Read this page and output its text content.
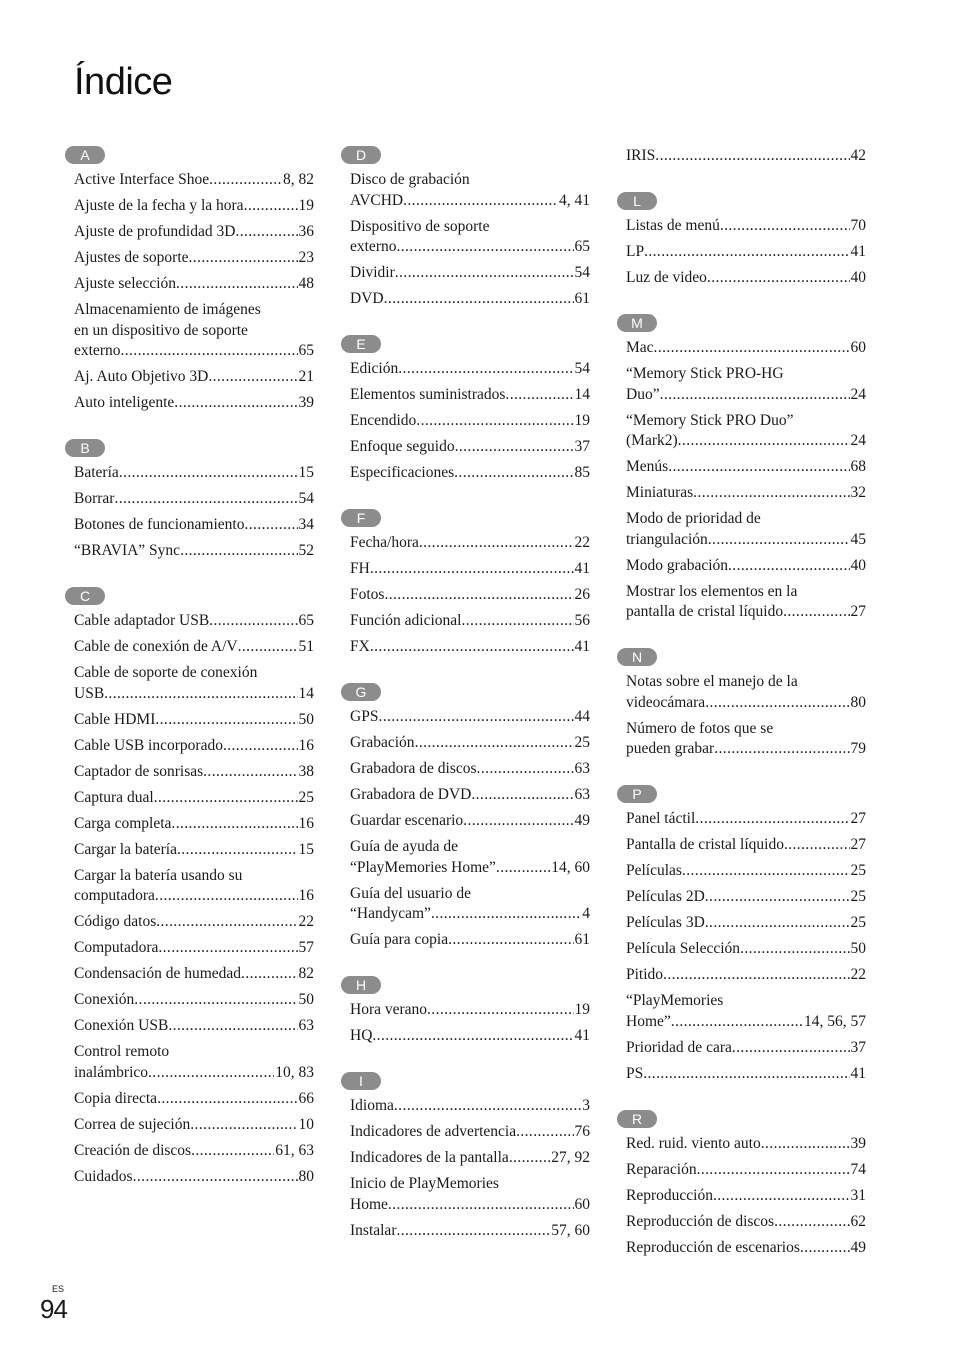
Índice
A
Active Interface Shoe .....	8, 82
Ajuste de la fecha y la hora .....	19
Ajuste de profundidad 3D .....	36
Ajustes de soporte .....	23
Ajuste selección .....	48
Almacenamiento de imágenes
en un dispositivo de soporte
externo .....	65
Aj. Auto Objetivo 3D .....	21
Auto inteligente .....	39
B
Batería .....	15
Borrar .....	54
Botones de funcionamiento .....	34
“BRAVIA” Sync .....	52
C
Cable adaptador USB .....	65
Cable de conexión de A/V .....	51
Cable de soporte de conexión
USB .....	14
Cable HDMI .....	50
Cable USB incorporado .....	16
Captador de sonrisas .....	38
Captura dual .....	25
Carga completa .....	16
Cargar la batería .....	15
Cargar la batería usando su
computadora .....	16
Código datos .....	22
Computadora .....	57
Condensación de humedad .....	82
Conexión .....	50
Conexión USB .....	63
Control remoto
inalámbrico .....	10, 83
Copia directa .....	66
Correa de sujeción .....	10
Creación de discos .....	61, 63
Cuidados .....	80
D
Disco de grabación
AVCHD .....	4, 41
Dispositivo de soporte
externo .....	65
Dividir .....	54
DVD .....	61
E
Edición .....	54
Elementos suministrados .....	14
Encendido .....	19
Enfoque seguido .....	37
Especificaciones .....	85
F
Fecha/hora .....	22
FH .....	41
Fotos .....	26
Función adicional .....	56
FX .....	41
G
GPS .....	44
Grabación .....	25
Grabadora de discos .....	63
Grabadora de DVD .....	63
Guardar escenario .....	49
Guía de ayuda de
“PlayMemories Home” .....	14, 60
Guía del usuario de
“Handycam” .....	4
Guía para copia .....	61
H
Hora verano .....	19
HQ .....	41
I
Idioma .....	3
Indicadores de advertencia .....	76
Indicadores de la pantalla .....	27, 92
Inicio de PlayMemories
Home .....	60
Instalar .....	57, 60
IRIS .....	42
L
Listas de menú .....	70
LP .....	41
Luz de video .....	40
M
Mac .....	60
“Memory Stick PRO-HG
Duo” .....	24
“Memory Stick PRO Duo”
(Mark2) .....	24
Menús .....	68
Miniaturas .....	32
Modo de prioridad de
triangulación .....	45
Modo grabación .....	40
Mostrar los elementos en la
pantalla de cristal líquido .....	27
N
Notas sobre el manejo de la
videocámara .....	80
Número de fotos que se
pueden grabar .....	79
P
Panel táctil .....	27
Pantalla de cristal líquido .....	27
Películas .....	25
Películas 2D .....	25
Películas 3D .....	25
Película Selección .....	50
Pitido .....	22
“PlayMemories
Home” .....	14, 56, 57
Prioridad de cara .....	37
PS .....	41
R
Red. ruid. viento auto .....	39
Reparación .....	74
Reproducción .....	31
Reproducción de discos .....	62
Reproducción de escenarios .....	49
ES
94
